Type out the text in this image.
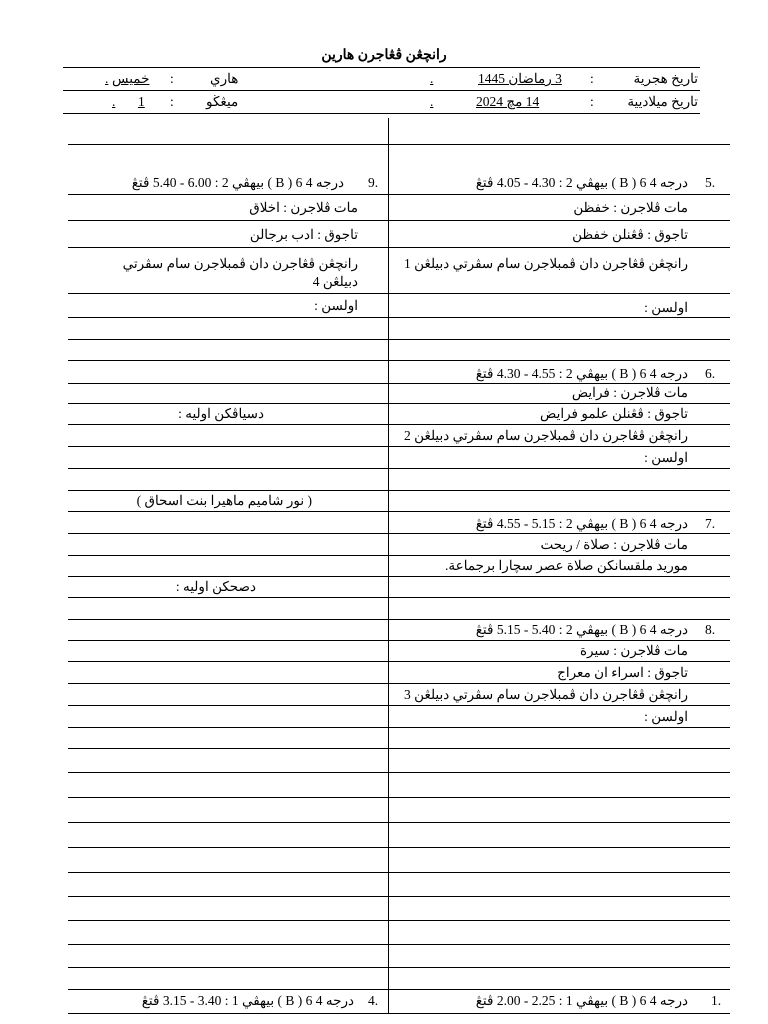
رانچڠن ڤڠاجرن هارين
تاريخ هجرية
:
3 رماضان 1445
.
هاري
:
خميس
.
تاريخ ميلاديية
:
14 مچ 2024
.
ميڠڬو
:
1
.
5.
درجه 4 6 ( B ) بيهڤي 2 : 4.30 - 4.05 ڤتڠ
مات ڤلاجرن : خفظن
تاجوق : ڤڠنلن خفظن
رانچڠن ڤڠاجرن دان ڤمبلاجرن سام سڤرتي دبيلڠن 1
اولسن :
6.
درجه 4 6 ( B ) بيهڤي 2 : 4.55 - 4.30 ڤتڠ
مات ڤلاجرن : فرايض
تاجوق : ڤڠنلن علمو فرايض
رانچڠن ڤڠاجرن دان ڤمبلاجرن سام سڤرتي دبيلڠن 2
اولسن :
7.
درجه 4 6 ( B ) بيهڤي 2 : 5.15 - 4.55 ڤتڠ
مات ڤلاجرن : صلاة / ريحت
موريد ملقسانکن صلاة عصر سچارا برجماعة.
8.
درجه 4 6 ( B ) بيهڤي 2 : 5.40 - 5.15 ڤتڠ
مات ڤلاجرن : سيرة
تاجوق : اسراء ان معراج
رانچڠن ڤڠاجرن دان ڤمبلاجرن سام سڤرتي دبيلڠن 3
اولسن :
1.
درجه 4 6 ( B ) بيهڤي 1 : 2.25 - 2.00 ڤتڠ
9.
درجه 4 6 ( B ) بيهڤي 2 : 6.00 - 5.40 ڤتڠ
مات ڤلاجرن : اخلاق
تاجوق : ادب برجالن
رانچڠن ڤڠاجرن دان ڤمبلاجرن سام سڤرتي
دبيلڠن 4
اولسن :
دسياڤکن اوليه :
( نور شاميم ماهيرا بنت اسحاق )
دصحکن اوليه :
4.
درجه 4 6 ( B ) بيهڤي 1 : 3.40 - 3.15 ڤتڠ
